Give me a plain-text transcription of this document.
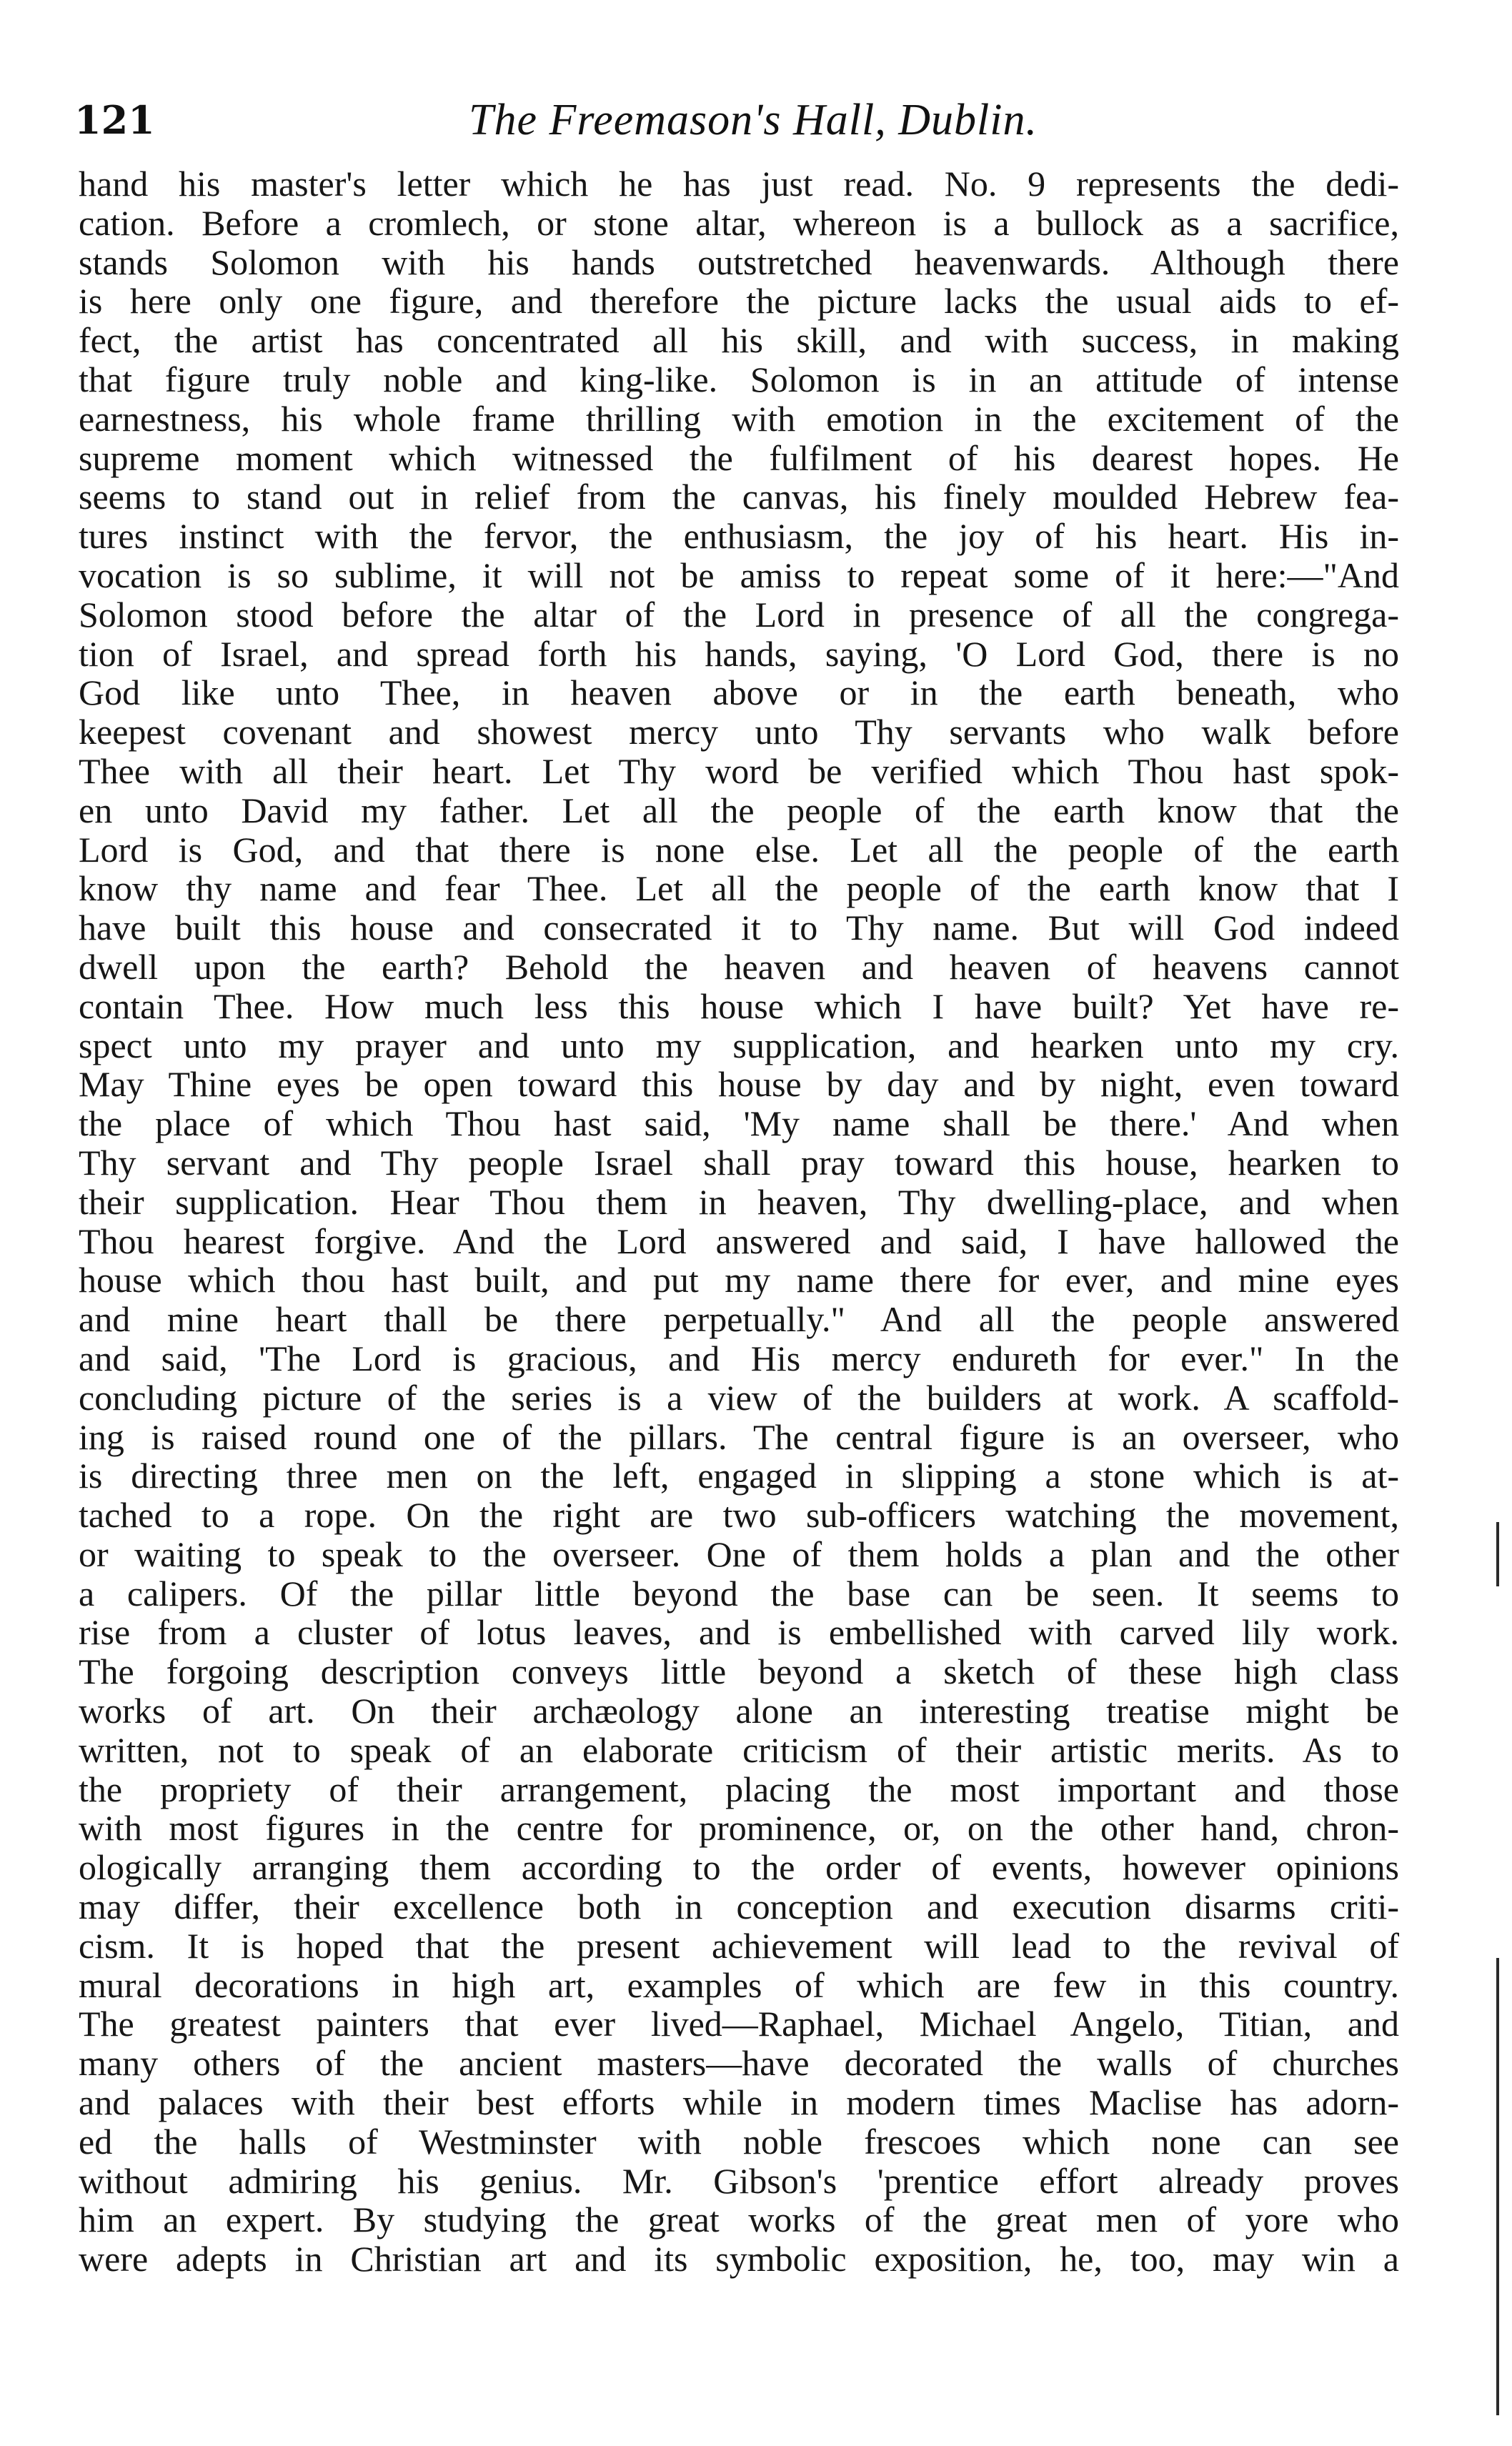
121	The Freemason's Hall, Dublin.
hand his master's letter which he has just read. No. 9 represents the dedi-
cation. Before a cromlech, or stone altar, whereon is a bullock as a sacrifice,
stands Solomon with his hands outstretched heavenwards. Although there
is here only one figure, and therefore the picture lacks the usual aids to ef-
fect, the artist has concentrated all his skill, and with success, in making
that figure truly noble and king-like. Solomon is in an attitude of intense
earnestness, his whole frame thrilling with emotion in the excitement of the
supreme moment which witnessed the fulfilment of his dearest hopes. He
seems to stand out in relief from the canvas, his finely moulded Hebrew fea-
tures instinct with the fervor, the enthusiasm, the joy of his heart. His in-
vocation is so sublime, it will not be amiss to repeat some of it here:—"And
Solomon stood before the altar of the Lord in presence of all the congrega-
tion of Israel, and spread forth his hands, saying, 'O Lord God, there is no
God like unto Thee, in heaven above or in the earth beneath, who
keepest covenant and showest mercy unto Thy servants who walk before
Thee with all their heart. Let Thy word be verified which Thou hast spok-
en unto David my father. Let all the people of the earth know that the
Lord is God, and that there is none else. Let all the people of the earth
know thy name and fear Thee. Let all the people of the earth know that I
have built this house and consecrated it to Thy name. But will God indeed
dwell upon the earth? Behold the heaven and heaven of heavens cannot
contain Thee. How much less this house which I have built? Yet have re-
spect unto my prayer and unto my supplication, and hearken unto my cry.
May Thine eyes be open toward this house by day and by night, even toward
the place of which Thou hast said, 'My name shall be there.' And when
Thy servant and Thy people Israel shall pray toward this house, hearken to
their supplication. Hear Thou them in heaven, Thy dwelling-place, and when
Thou hearest forgive. And the Lord answered and said, I have hallowed the
house which thou hast built, and put my name there for ever, and mine eyes
and mine heart thall be there perpetually." And all the people answered
and said, 'The Lord is gracious, and His mercy endureth for ever." In the
concluding picture of the series is a view of the builders at work. A scaffold-
ing is raised round one of the pillars. The central figure is an overseer, who
is directing three men on the left, engaged in slipping a stone which is at-
tached to a rope. On the right are two sub-officers watching the movement,
or waiting to speak to the overseer. One of them holds a plan and the other
a calipers. Of the pillar little beyond the base can be seen. It seems to
rise from a cluster of lotus leaves, and is embellished with carved lily work.
The forgoing description conveys little beyond a sketch of these high class
works of art. On their archæology alone an interesting treatise might be
written, not to speak of an elaborate criticism of their artistic merits. As to
the propriety of their arrangement, placing the most important and those
with most figures in the centre for prominence, or, on the other hand, chron-
ologically arranging them according to the order of events, however opinions
may differ, their excellence both in conception and execution disarms criti-
cism. It is hoped that the present achievement will lead to the revival of
mural decorations in high art, examples of which are few in this country.
The greatest painters that ever lived—Raphael, Michael Angelo, Titian, and
many others of the ancient masters—have decorated the walls of churches
and palaces with their best efforts while in modern times Maclise has adorn-
ed the halls of Westminster with noble frescoes which none can see
without admiring his genius. Mr. Gibson's 'prentice effort already proves
him an expert. By studying the great works of the great men of yore who
were adepts in Christian art and its symbolic exposition, he, too, may win a
